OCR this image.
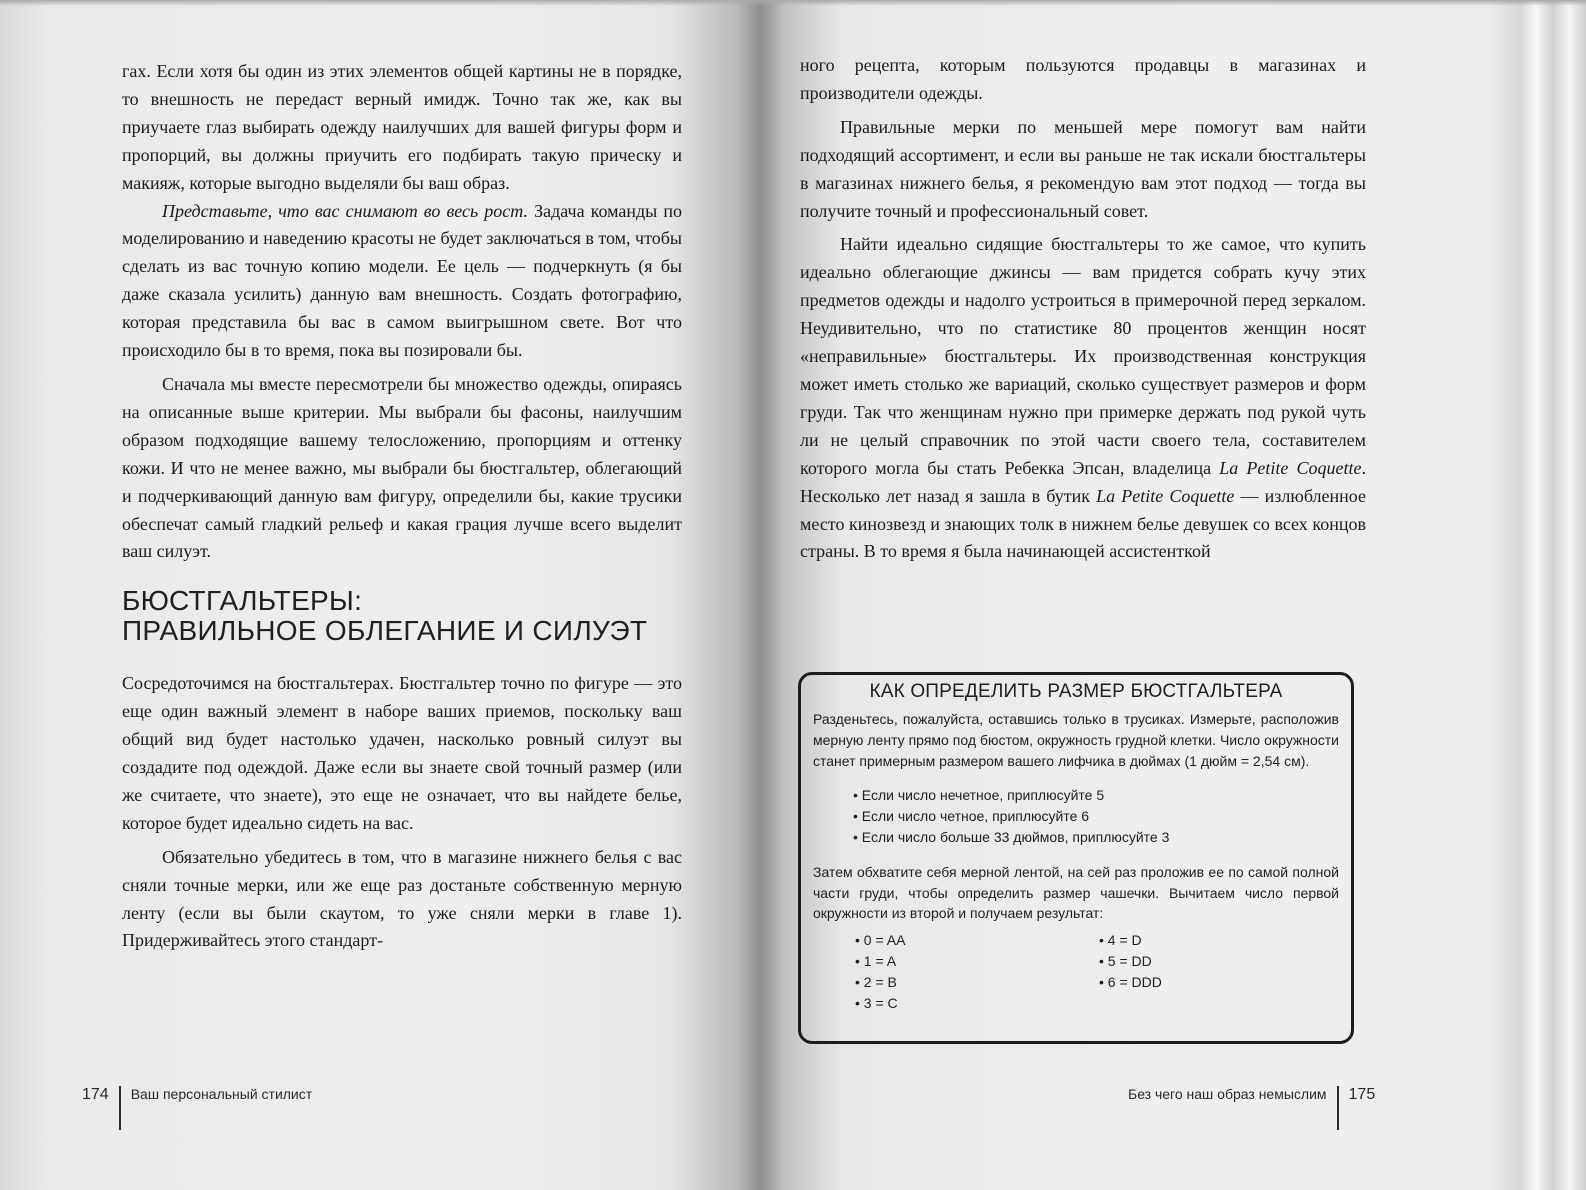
гах. Если хотя бы один из этих элементов общей картины не в порядке, то внешность не передаст верный имидж. Точно так же, как вы приучаете глаз выбирать одежду наилучших для вашей фигуры форм и пропорций, вы должны приучить его подбирать такую прическу и макияж, которые выгодно выделяли бы ваш образ.

Представьте, что вас снимают во весь рост. Задача команды по моделированию и наведению красоты не будет заключаться в том, чтобы сделать из вас точную копию модели. Ее цель — подчеркнуть (я бы даже сказала усилить) данную вам внешность. Создать фотографию, которая представила бы вас в самом выигрышном свете. Вот что происходило бы в то время, пока вы позировали бы.

Сначала мы вместе пересмотрели бы множество одежды, опираясь на описанные выше критерии. Мы выбрали бы фасоны, наилучшим образом подходящие вашему телосложению, пропорциям и оттенку кожи. И что не менее важно, мы выбрали бы бюстгальтер, облегающий и подчеркивающий данную вам фигуру, определили бы, какие трусики обеспечат самый гладкий рельеф и какая грация лучше всего выделит ваш силуэт.

БЮСТГАЛЬТЕРЫ:
ПРАВИЛЬНОЕ ОБЛЕГАНИЕ И СИЛУЭТ

Сосредоточимся на бюстгальтерах. Бюстгальтер точно по фигуре — это еще один важный элемент в наборе ваших приемов, поскольку ваш общий вид будет настолько удачен, насколько ровный силуэт вы создадите под одеждой. Даже если вы знаете свой точный размер (или же считаете, что знаете), это еще не означает, что вы найдете белье, которое будет идеально сидеть на вас.

Обязательно убедитесь в том, что в магазине нижнего белья с вас сняли точные мерки, или же еще раз достаньте собственную мерную ленту (если вы были скаутом, то уже сняли мерки в главе 1). Придерживайтесь этого стандарт-

174 Ваш персональный стилист

ного рецепта, которым пользуются продавцы в магазинах и производители одежды.

Правильные мерки по меньшей мере помогут вам найти подходящий ассортимент, и если вы раньше не так искали бюстгальтеры в магазинах нижнего белья, я рекомендую вам этот подход — тогда вы получите точный и профессиональный совет.

Найти идеально сидящие бюстгальтеры то же самое, что купить идеально облегающие джинсы — вам придется собрать кучу этих предметов одежды и надолго устроиться в примерочной перед зеркалом. Неудивительно, что по статистике 80 процентов женщин носят «неправильные» бюстгальтеры. Их производственная конструкция может иметь столько же вариаций, сколько существует размеров и форм груди. Так что женщинам нужно при примерке держать под рукой чуть ли не целый справочник по этой части своего тела, составителем которого могла бы стать Ребекка Эпсан, владелица La Petite Coquette. Несколько лет назад я зашла в бутик La Petite Coquette — излюбленное место кинозвезд и знающих толк в нижнем белье девушек со всех концов страны. В то время я была начинающей ассистенткой

КАК ОПРЕДЕЛИТЬ РАЗМЕР БЮСТГАЛЬТЕРА

Разденьтесь, пожалуйста, оставшись только в трусиках. Измерьте, расположив мерную ленту прямо под бюстом, окружность грудной клетки. Число окружности станет примерным размером вашего лифчика в дюймах (1 дюйм = 2,54 см).

• Если число нечетное, приплюсуйте 5
• Если число четное, приплюсуйте 6
• Если число больше 33 дюймов, приплюсуйте 3

Затем обхватите себя мерной лентой, на сей раз проложив ее по самой полной части груди, чтобы определить размер чашечки. Вычитаем число первой окружности из второй и получаем результат:

• 0 = AA	• 4 = D
• 1 = A	• 5 = DD
• 2 = B	• 6 = DDD
• 3 = C
Без чего наш образ немыслим 175
